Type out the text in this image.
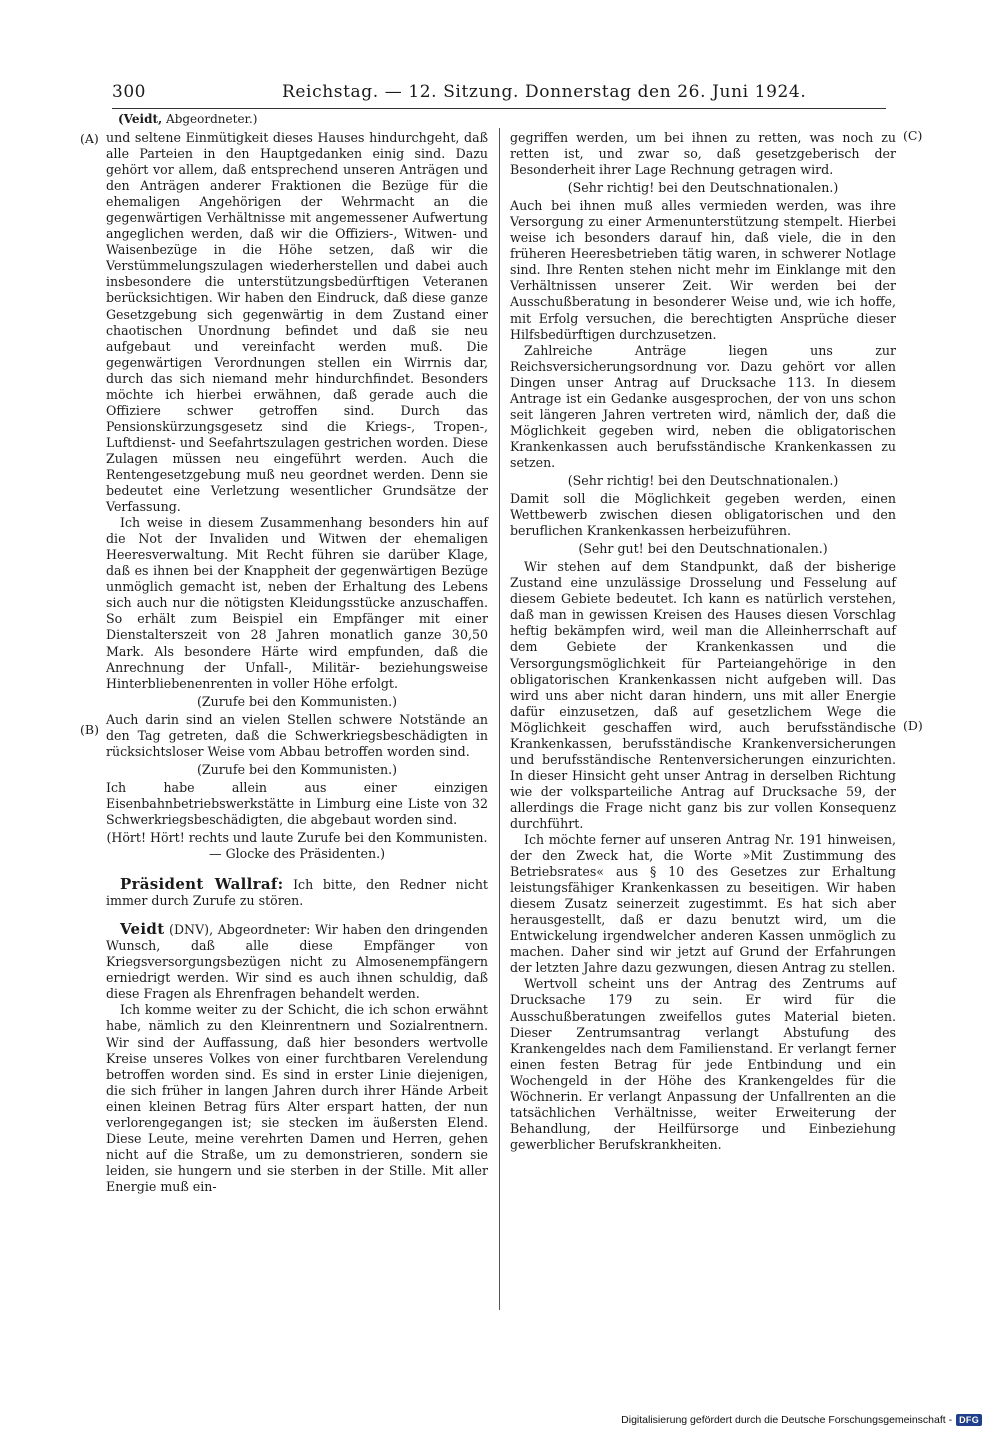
300	Reichstag. — 12. Sitzung. Donnerstag den 26. Juni 1924.
(Veidt, Abgeordneter.)
(A)
(B)
(C)
(D)

und seltene Einmütigkeit dieses Hauses hindurchgeht, daß alle Parteien in den Hauptgedanken einig sind. Dazu gehört vor allem, daß entsprechend unseren Anträgen und den Anträgen anderer Fraktionen die Bezüge für die ehemaligen Angehörigen der Wehrmacht an die gegenwärtigen Verhältnisse mit angemessener Aufwertung angeglichen werden, daß wir die Offiziers-, Witwen- und Waisenbezüge in die Höhe setzen, daß wir die Verstümmelungszulagen wiederherstellen und dabei auch insbesondere die unterstützungsbedürftigen Veteranen berücksichtigen. Wir haben den Eindruck, daß diese ganze Gesetzgebung sich gegenwärtig in dem Zustand einer chaotischen Unordnung befindet und daß sie neu aufgebaut und vereinfacht werden muß. Die gegenwärtigen Verordnungen stellen ein Wirrnis dar, durch das sich niemand mehr hindurchfindet. Besonders möchte ich hierbei erwähnen, daß gerade auch die Offiziere schwer getroffen sind. Durch das Pensionskürzungsgesetz sind die Kriegs-, Tropen-, Luftdienst- und Seefahrtszulagen gestrichen worden. Diese Zulagen müssen neu eingeführt werden. Auch die Rentengesetzgebung muß neu geordnet werden. Denn sie bedeutet eine Verletzung wesentlicher Grundsätze der Verfassung.

Ich weise in diesem Zusammenhang besonders hin auf die Not der Invaliden und Witwen der ehemaligen Heeresverwaltung. Mit Recht führen sie darüber Klage, daß es ihnen bei der Knappheit der gegenwärtigen Bezüge unmöglich gemacht ist, neben der Erhaltung des Lebens sich auch nur die nötigsten Kleidungsstücke anzuschaffen. So erhält zum Beispiel ein Empfänger mit einer Dienstalterszeit von 28 Jahren monatlich ganze 30,50 Mark. Als besondere Härte wird empfunden, daß die Anrechnung der Unfall-, Militär- beziehungsweise Hinterbliebenenrenten in voller Höhe erfolgt.

(Zurufe bei den Kommunisten.)

Auch darin sind an vielen Stellen schwere Notstände an den Tag getreten, daß die Schwerkriegsbeschädigten in rücksichtsloser Weise vom Abbau betroffen worden sind.

(Zurufe bei den Kommunisten.)

Ich habe allein aus einer einzigen Eisenbahnbetriebswerkstätte in Limburg eine Liste von 32 Schwerkriegsbeschädigten, die abgebaut worden sind.

(Hört! Hört! rechts und laute Zurufe bei den Kommunisten. — Glocke des Präsidenten.)

Präsident Wallraf: Ich bitte, den Redner nicht immer durch Zurufe zu stören.

Veidt (DNV), Abgeordneter: Wir haben den dringenden Wunsch, daß alle diese Empfänger von Kriegsversorgungsbezügen nicht zu Almosenempfängern erniedrigt werden. Wir sind es auch ihnen schuldig, daß diese Fragen als Ehrenfragen behandelt werden.

Ich komme weiter zu der Schicht, die ich schon erwähnt habe, nämlich zu den Kleinrentnern und Sozialrentnern. Wir sind der Auffassung, daß hier besonders wertvolle Kreise unseres Volkes von einer furchtbaren Verelendung betroffen worden sind. Es sind in erster Linie diejenigen, die sich früher in langen Jahren durch ihrer Hände Arbeit einen kleinen Betrag fürs Alter erspart hatten, der nun verlorengegangen ist; sie stecken im äußersten Elend. Diese Leute, meine verehrten Damen und Herren, gehen nicht auf die Straße, um zu demonstrieren, sondern sie leiden, sie hungern und sie sterben in der Stille. Mit aller Energie muß ein-

gegriffen werden, um bei ihnen zu retten, was noch zu retten ist, und zwar so, daß gesetzgeberisch der Besonderheit ihrer Lage Rechnung getragen wird.

(Sehr richtig! bei den Deutschnationalen.)

Auch bei ihnen muß alles vermieden werden, was ihre Versorgung zu einer Armenunterstützung stempelt. Hierbei weise ich besonders darauf hin, daß viele, die in den früheren Heeresbetrieben tätig waren, in schwerer Notlage sind. Ihre Renten stehen nicht mehr im Einklange mit den Verhältnissen unserer Zeit. Wir werden bei der Ausschußberatung in besonderer Weise und, wie ich hoffe, mit Erfolg versuchen, die berechtigten Ansprüche dieser Hilfsbedürftigen durchzusetzen.

Zahlreiche Anträge liegen uns zur Reichsversicherungsordnung vor. Dazu gehört vor allen Dingen unser Antrag auf Drucksache 113. In diesem Antrage ist ein Gedanke ausgesprochen, der von uns schon seit längeren Jahren vertreten wird, nämlich der, daß die Möglichkeit gegeben wird, neben die obligatorischen Krankenkassen auch berufsständische Krankenkassen zu setzen.

(Sehr richtig! bei den Deutschnationalen.)

Damit soll die Möglichkeit gegeben werden, einen Wettbewerb zwischen diesen obligatorischen und den beruflichen Krankenkassen herbeizuführen.

(Sehr gut! bei den Deutschnationalen.)

Wir stehen auf dem Standpunkt, daß der bisherige Zustand eine unzulässige Drosselung und Fesselung auf diesem Gebiete bedeutet. Ich kann es natürlich verstehen, daß man in gewissen Kreisen des Hauses diesen Vorschlag heftig bekämpfen wird, weil man die Alleinherrschaft auf dem Gebiete der Krankenkassen und die Versorgungsmöglichkeit für Parteiangehörige in den obligatorischen Krankenkassen nicht aufgeben will. Das wird uns aber nicht daran hindern, uns mit aller Energie dafür einzusetzen, daß auf gesetzlichem Wege die Möglichkeit geschaffen wird, auch berufsständische Krankenkassen, berufsständische Krankenversicherungen und berufsständische Rentenversicherungen einzurichten. In dieser Hinsicht geht unser Antrag in derselben Richtung wie der volksparteiliche Antrag auf Drucksache 59, der allerdings die Frage nicht ganz bis zur vollen Konsequenz durchführt.

Ich möchte ferner auf unseren Antrag Nr. 191 hinweisen, der den Zweck hat, die Worte »Mit Zustimmung des Betriebsrates« aus § 10 des Gesetzes zur Erhaltung leistungsfähiger Krankenkassen zu beseitigen. Wir haben diesem Zusatz seinerzeit zugestimmt. Es hat sich aber herausgestellt, daß er dazu benutzt wird, um die Entwickelung irgendwelcher anderen Kassen unmöglich zu machen. Daher sind wir jetzt auf Grund der Erfahrungen der letzten Jahre dazu gezwungen, diesen Antrag zu stellen.

Wertvoll scheint uns der Antrag des Zentrums auf Drucksache 179 zu sein. Er wird für die Ausschußberatungen zweifellos gutes Material bieten. Dieser Zentrumsantrag verlangt Abstufung des Krankengeldes nach dem Familienstand. Er verlangt ferner einen festen Betrag für jede Entbindung und ein Wochengeld in der Höhe des Krankengeldes für die Wöchnerin. Er verlangt Anpassung der Unfallrenten an die tatsächlichen Verhältnisse, weiter Erweiterung der Behandlung, der Heilfürsorge und Einbeziehung gewerblicher Berufskrankheiten.

Digitalisierung gefördert durch die Deutsche Forschungsgemeinschaft - DFG
